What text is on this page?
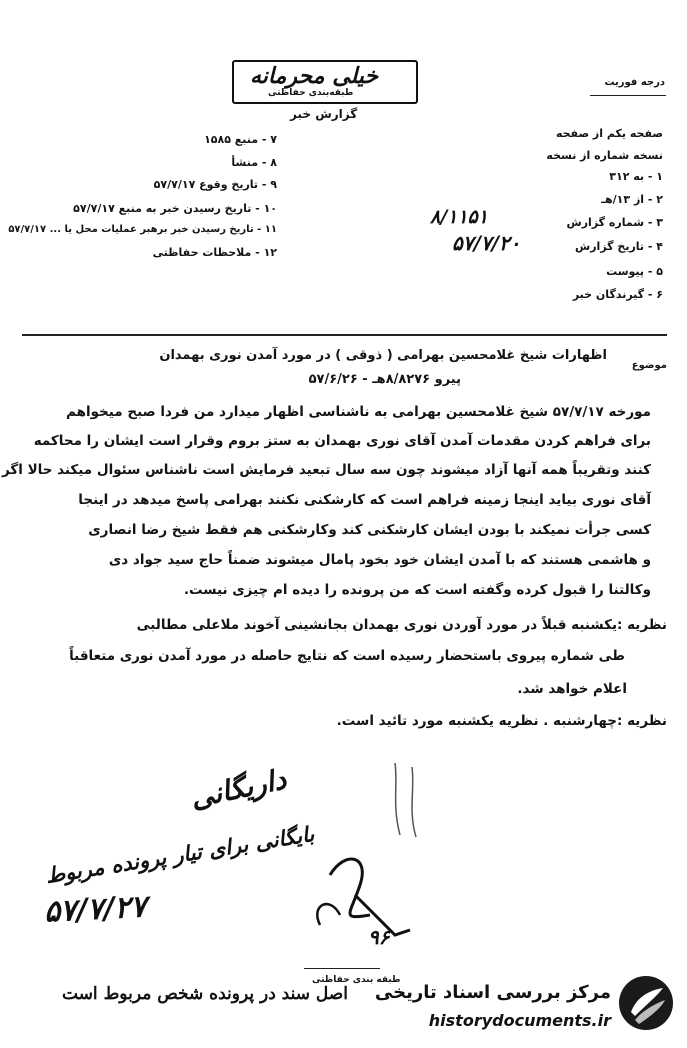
خیلی محرمانه
طبقه‌بندی حفاظتی
گزارش خبر
درجه فوریت
صفحه یکم از صفحه
نسخه شماره از نسخه
۱ - به ۳۱۲
۲ - از ۱۳/هـ
۳ - شماره گزارش
۸/۱۱۵۱
۴ - تاریخ گزارش
۵۷/۷/۲۰
۵ - پیوست
۶ - گیرندگان خبر
۷ - منبع ۱۵۸۵
۸ - منشأ
۹ - تاریخ وقوع ۵۷/۷/۱۷
۱۰ - تاریخ رسیدن خبر به منبع ۵۷/۷/۱۷
۱۱ - تاریخ رسیدن خبر برهبر عملیات محل یا ... ۵۷/۷/۱۷
۱۲ - ملاحظات حفاظتی
موضوع
اظهارات شیخ غلامحسین بهرامی ( ذوقی ) در مورد آمدن نوری بهمدان
پیرو ۸/۸۲۷۶هـ - ۵۷/۶/۲۶
مورخه ۵۷/۷/۱۷ شیخ غلامحسین بهرامی به ناشناسی اظهار میدارد من فردا صبح میخواهم
برای فراهم کردن مقدمات آمدن آقای نوری بهمدان به ستز بروم وقرار است ایشان را محاکمه
کنند وتقریباً همه آنها آزاد میشوند چون سه سال تبعید فرمایش است ناشناس سئوال میکند حالا اگر
آقای نوری بیاید اینجا زمینه فراهم است که کارشکنی نکنند بهرامی پاسخ میدهد در اینجا
کسی جرأت نمیکند با بودن ایشان کارشکنی کند وکارشکنی هم فقط شیخ رضا انصاری
و هاشمی هستند که با آمدن ایشان خود بخود پامال میشوند ضمناً حاج سید جواد دی
وکالتنا را قبول کرده وگفته است که من پرونده را دیده ام چیزی نیست.
نظریه :یکشنبه قبلاً در مورد آوردن نوری بهمدان بجانشینی آخوند ملاعلی مطالبی
طی شماره پیروی باستحضار رسیده است که نتایج حاصله در مورد آمدن نوری متعاقباً
اعلام خواهد شد.
نظریه :چهارشنبه . نظریه یکشنبه مورد تائید است.
داریگانی
بایگانی برای تیار پرونده مربوط
۵۷/۷/۲۷
۹۶
طبقه بندی حفاظتی
اصل سند در پرونده شخص مربوط است مرکز بررسی اسناد تاریخی
historydocuments.ir
